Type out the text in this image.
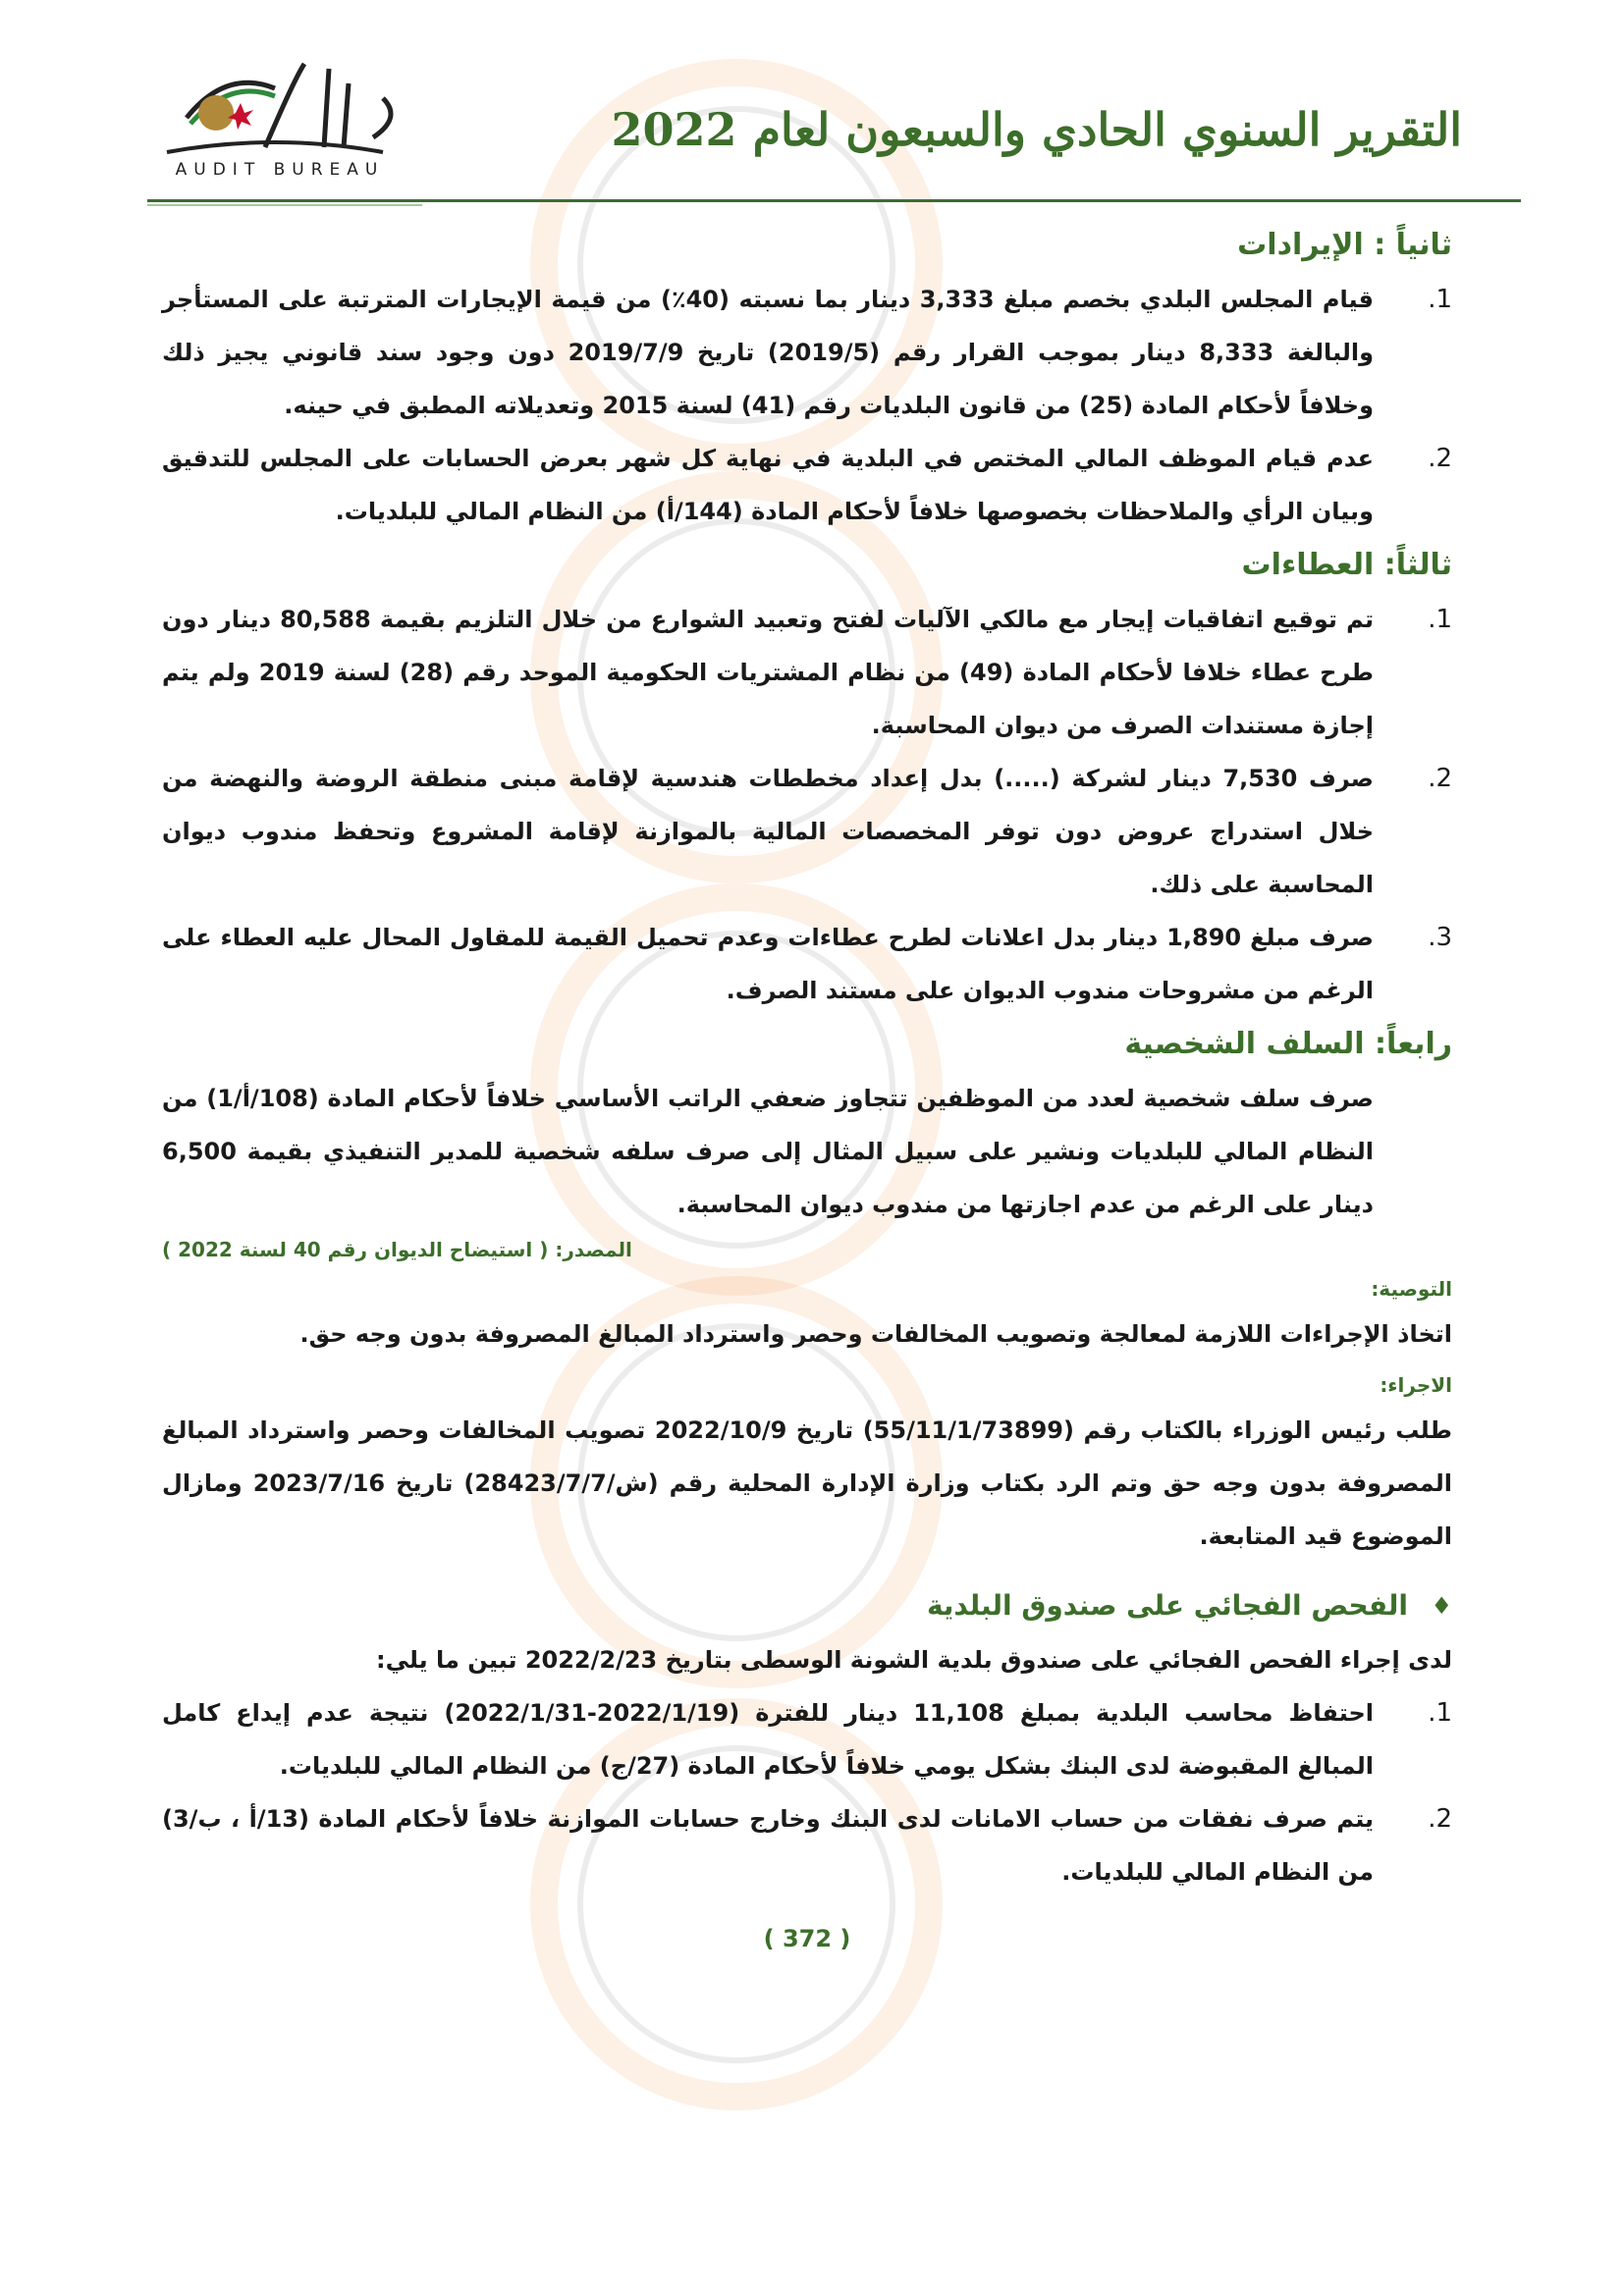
AUDIT BUREAU
التقرير السنوي الحادي والسبعون لعام 2022
ثانياً : الإيرادات
.1
قيام المجلس البلدي بخصم مبلغ 3,333 دينار بما نسبته (40٪) من قيمة الإيجارات المترتبة على المستأجر والبالغة 8,333 دينار بموجب القرار رقم (2019/5) تاريخ 2019/7/9 دون وجود سند قانوني يجيز ذلك وخلافاً لأحكام المادة (25) من قانون البلديات رقم (41) لسنة 2015 وتعديلاته المطبق في حينه.
.2
عدم قيام الموظف المالي المختص في البلدية في نهاية كل شهر بعرض الحسابات على المجلس للتدقيق وبيان الرأي والملاحظات بخصوصها خلافاً لأحكام المادة (144/أ) من النظام المالي للبلديات.
ثالثاً: العطاءات
.1
تم توقيع اتفاقيات إيجار مع مالكي الآليات لفتح وتعبيد الشوارع من خلال التلزيم بقيمة 80,588 دينار دون طرح عطاء خلافا لأحكام المادة (49) من نظام المشتريات الحكومية الموحد رقم (28) لسنة 2019 ولم يتم إجازة مستندات الصرف من ديوان المحاسبة.
.2
صرف 7,530 دينار لشركة (.....) بدل إعداد مخططات هندسية لإقامة مبنى منطقة الروضة والنهضة من خلال استدراج عروض دون توفر المخصصات المالية بالموازنة لإقامة المشروع وتحفظ مندوب ديوان المحاسبة على ذلك.
.3
صرف مبلغ 1,890 دينار بدل اعلانات لطرح عطاءات وعدم تحميل القيمة للمقاول المحال عليه العطاء على الرغم من مشروحات مندوب الديوان على مستند الصرف.
رابعاً: السلف الشخصية
صرف سلف شخصية لعدد من الموظفين تتجاوز ضعفي الراتب الأساسي خلافاً لأحكام المادة (108/أ/1) من النظام المالي للبلديات ونشير على سبيل المثال إلى صرف سلفه شخصية للمدير التنفيذي بقيمة 6,500 دينار على الرغم من عدم اجازتها من مندوب ديوان المحاسبة.
المصدر: ( استيضاح الديوان رقم 40 لسنة 2022 )
التوصية:
اتخاذ الإجراءات اللازمة لمعالجة وتصويب المخالفات وحصر واسترداد المبالغ المصروفة بدون وجه حق.
الاجراء:
طلب رئيس الوزراء بالكتاب رقم (55/11/1/73899) تاريخ 2022/10/9 تصويب المخالفات وحصر واسترداد المبالغ المصروفة بدون وجه حق وتم الرد بكتاب وزارة الإدارة المحلية رقم (ش/28423/7/7) تاريخ 2023/7/16 ومازال الموضوع قيد المتابعة.
♦
الفحص الفجائي على صندوق البلدية
لدى إجراء الفحص الفجائي على صندوق بلدية الشونة الوسطى بتاريخ 2022/2/23 تبين ما يلي:
.1
احتفاظ محاسب البلدية بمبلغ 11,108 دينار للفترة (2022/1/19-2022/1/31) نتيجة عدم إيداع كامل المبالغ المقبوضة لدى البنك بشكل يومي خلافاً لأحكام المادة (27/ج) من النظام المالي للبلديات.
.2
يتم صرف نفقات من حساب الامانات لدى البنك وخارج حسابات الموازنة خلافاً لأحكام المادة (13/أ ، ب/3) من النظام المالي للبلديات.
( 372 )
